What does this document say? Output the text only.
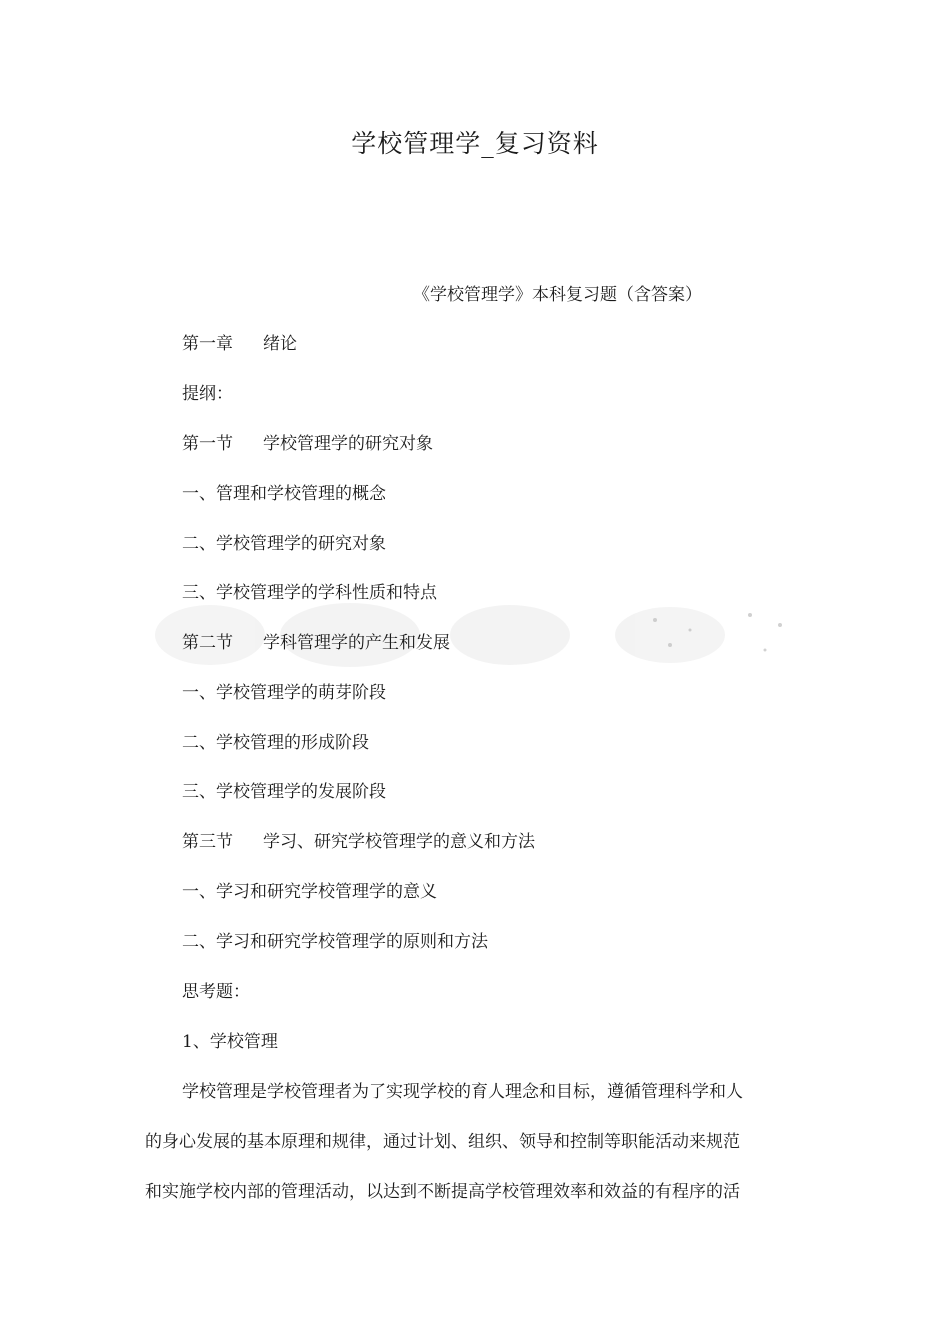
学校管理学_复习资料
《学校管理学》本科复习题（含答案）
第一章 绪论
提纲：
第一节 学校管理学的研究对象
一、管理和学校管理的概念
二、学校管理学的研究对象
三、学校管理学的学科性质和特点
第二节 学科管理学的产生和发展
一、学校管理学的萌芽阶段
二、学校管理的形成阶段
三、学校管理学的发展阶段
第三节 学习、研究学校管理学的意义和方法
一、学习和研究学校管理学的意义
二、学习和研究学校管理学的原则和方法
思考题：
1、学校管理
学校管理是学校管理者为了实现学校的育人理念和目标，遵循管理科学和人
的身心发展的基本原理和规律，通过计划、组织、领导和控制等职能活动来规范
和实施学校内部的管理活动，以达到不断提高学校管理效率和效益的有程序的活
